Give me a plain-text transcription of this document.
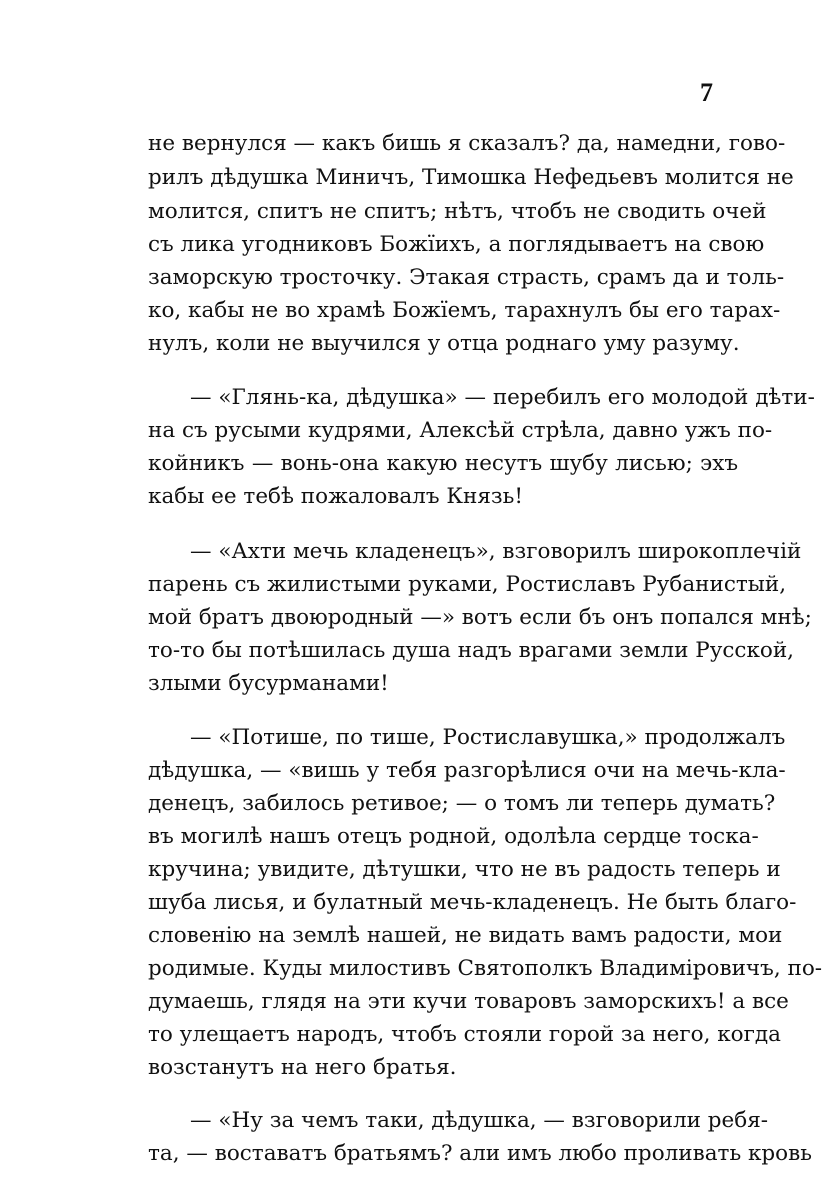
7
не вернулся — какъ бишь я сказалъ? да, намедни, гово-
рилъ дѣдушка Миничъ, Тимошка Нефедьевъ молится не
молится, спитъ не спитъ; нѣтъ, чтобъ не сводить очей
съ лика угодниковъ Божїихъ, а поглядываетъ на свою
заморскую тросточку. Этакая страсть, срамъ да и толь-
ко, кабы не во храмѣ Божїемъ, тарахнулъ бы его тарах-
нулъ, коли не выучился у отца роднаго уму разуму.
— «Глянь-ка, дѣдушка» — перебилъ его молодой дѣти-
на съ русыми кудрями, Алексѣй стрѣла, давно ужъ по-
койникъ — вонь-она какую несутъ шубу лисью; эхъ
кабы ее тебѣ пожаловалъ Князь!
— «Ахти мечь кладенецъ», взговорилъ широкоплечiй
парень съ жилистыми руками, Ростиславъ Рубанистый,
мой братъ двоюродный —» вотъ если бъ онъ попался мнѣ;
то-то бы потѣшилась душа надъ врагами земли Русской,
злыми бусурманами!
— «Потише, по тише, Ростиславушка,» продолжалъ
дѣдушка, — «вишь у тебя разгорѣлися очи на мечь-кла-
денецъ, забилось ретивое; — о томъ ли теперь думать?
въ могилѣ нашъ отецъ родной, одолѣла сердце тоска-
кручина; увидите, дѣтушки, что не въ радость теперь и
шуба лисья, и булатный мечь-кладенецъ. Не быть благо-
словенію на землѣ нашей, не видать вамъ радости, мои
родимые. Куды милостивъ Святополкъ Владимiровичъ, по-
думаешь, глядя на эти кучи товаровъ заморскихъ! а все
то улещаетъ народъ, чтобъ стояли горой за него, когда
возстанутъ на него братья.
— «Ну за чемъ таки, дѣдушка, — взговорили ребя-
та, — воставатъ братьямъ? али имъ любо проливать кровь
